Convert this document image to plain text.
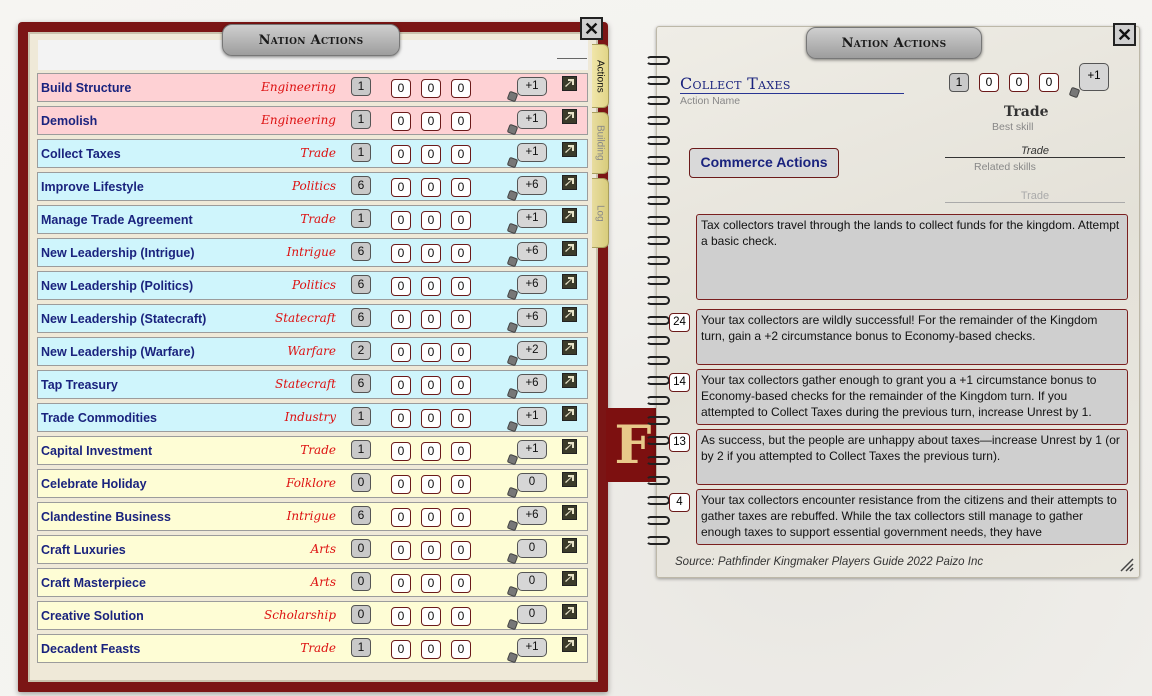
Nation Actions
✕
Build Structure	Engineering	1	0	0	0	+1
Demolish	Engineering	1	0	0	0	+1
Collect Taxes	Trade	1	0	0	0	+1
Improve Lifestyle	Politics	6	0	0	0	+6
Manage Trade Agreement	Trade	1	0	0	0	+1
New Leadership (Intrigue)	Intrigue	6	0	0	0	+6
New Leadership (Politics)	Politics	6	0	0	0	+6
New Leadership (Statecraft)	Statecraft	6	0	0	0	+6
New Leadership (Warfare)	Warfare	2	0	0	0	+2
Tap Treasury	Statecraft	6	0	0	0	+6
Trade Commodities	Industry	1	0	0	0	+1
Capital Investment	Trade	1	0	0	0	+1
Celebrate Holiday	Folklore	0	0	0	0	0
Clandestine Business	Intrigue	6	0	0	0	+6
Craft Luxuries	Arts	0	0	0	0	0
Craft Masterpiece	Arts	0	0	0	0	0
Creative Solution	Scholarship	0	0	0	0	0
Decadent Feasts	Trade	1	0	0	0	+1
Actions
Building
Log
F
Nation Actions	✕
Collect Taxes
Action Name
1	0	0	0	+1
Trade
Best skill
Commerce Actions
Trade
Related skills
Trade
Tax collectors travel through the lands to collect funds for the kingdom. Attempt a basic check.
24	Your tax collectors are wildly successful! For the remainder of the Kingdom turn, gain a +2 circumstance bonus to Economy-based checks.
14	Your tax collectors gather enough to grant you a +1 circumstance bonus to Economy-based checks for the remainder of the Kingdom turn. If you attempted to Collect Taxes during the previous turn, increase Unrest by 1.
13	As success, but the people are unhappy about taxes—increase Unrest by 1 (or by 2 if you attempted to Collect Taxes the previous turn).
4	Your tax collectors encounter resistance from the citizens and their attempts to gather taxes are rebuffed. While the tax collectors still manage to gather enough taxes to support essential government needs, they have
Source: Pathfinder Kingmaker Players Guide 2022 Paizo Inc
